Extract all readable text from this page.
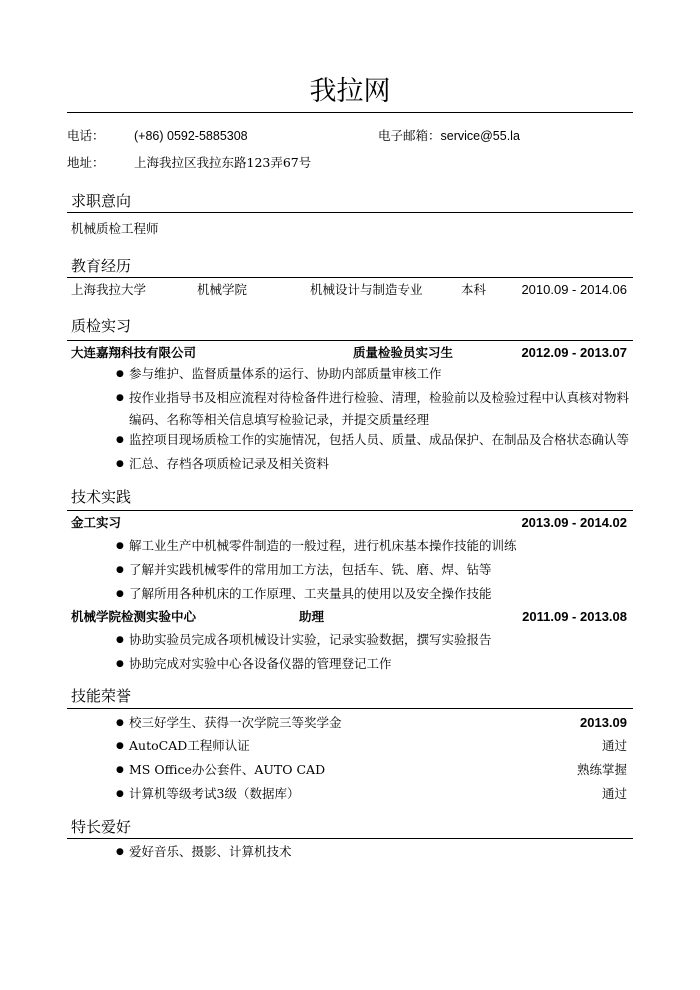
我拉网
电话： (+86) 0592-5885308	电子邮箱：service@55.la
地址： 上海我拉区我拉东路123弄67号
求职意向
机械质检工程师
教育经历
上海我拉大学	机械学院	机械设计与制造专业	本科	2010.09 - 2014.06
质检实习
大连嘉翔科技有限公司	质量检验员实习生	2012.09 - 2013.07
● 参与维护、监督质量体系的运行、协助内部质量审核工作
● 按作业指导书及相应流程对待检备件进行检验、清理，检验前以及检验过程中认真核对物料编码、名称等相关信息填写检验记录，并提交质量经理
● 监控项目现场质检工作的实施情况，包括人员、质量、成品保护、在制品及合格状态确认等
● 汇总、存档各项质检记录及相关资料
技术实践
金工实习	2013.09 - 2014.02
● 解工业生产中机械零件制造的一般过程，进行机床基本操作技能的训练
● 了解并实践机械零件的常用加工方法，包括车、铣、磨、焊、钻等
● 了解所用各种机床的工作原理、工夹量具的使用以及安全操作技能
机械学院检测实验中心	助理	2011.09 - 2013.08
● 协助实验员完成各项机械设计实验，记录实验数据，撰写实验报告
● 协助完成对实验中心各设备仪器的管理登记工作
技能荣誉
● 校三好学生、获得一次学院三等奖学金	2013.09
● AutoCAD工程师认证	通过
● MS Office办公套件、AUTO CAD	熟练掌握
● 计算机等级考试3级（数据库）	通过
特长爱好
● 爱好音乐、摄影、计算机技术
